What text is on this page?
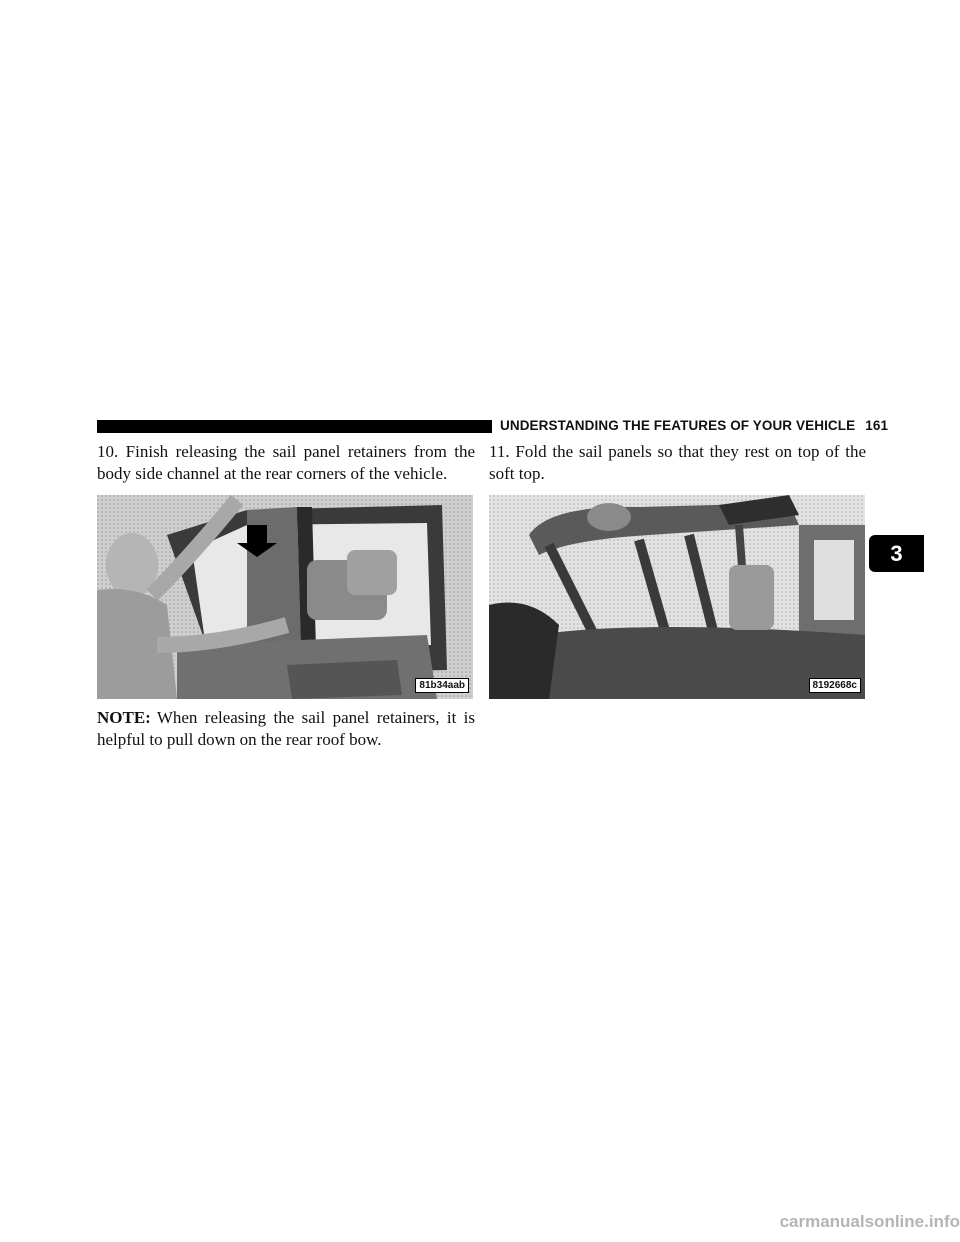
UNDERSTANDING THE FEATURES OF YOUR VEHICLE 161
10. Finish releasing the sail panel retainers from the body side channel at the rear corners of the vehicle.
81b34aab
NOTE: When releasing the sail panel retainers, it is helpful to pull down on the rear roof bow.
11. Fold the sail panels so that they rest on top of the soft top.
8192668c
3
carmanualsonline.info
